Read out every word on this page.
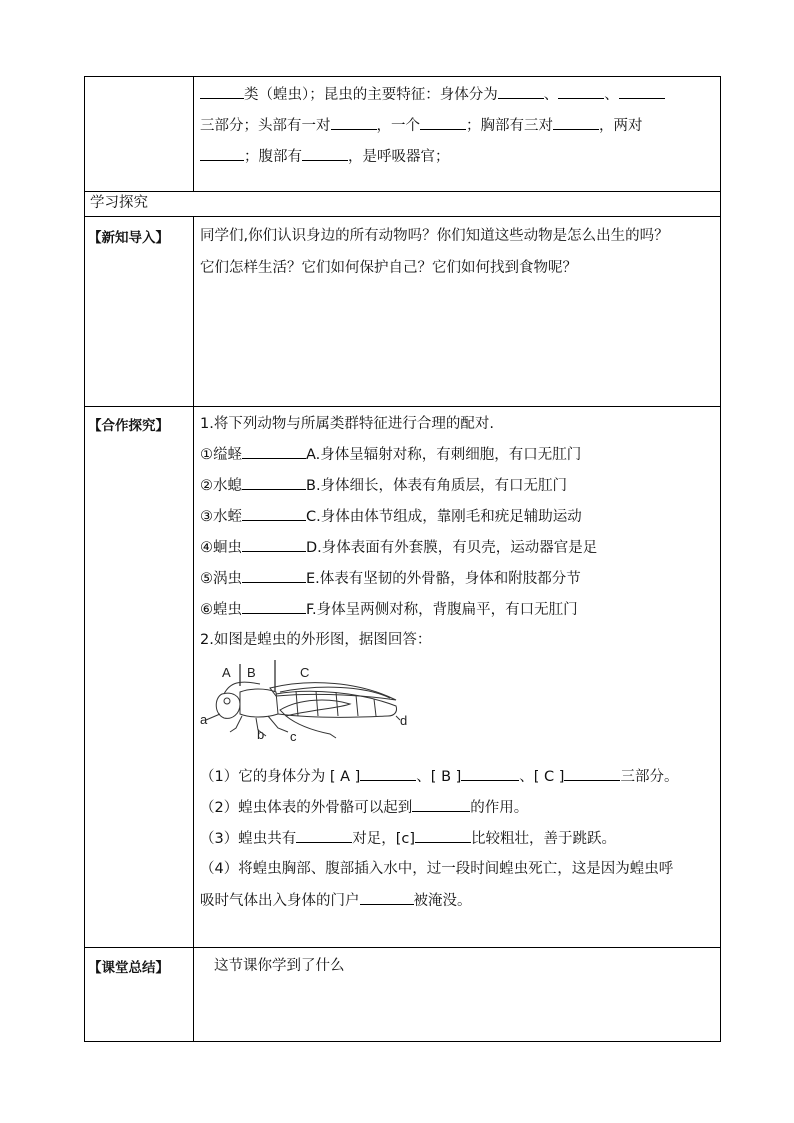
类（蝗虫）；昆虫的主要特征：身体分为	、	、
三部分；头部有一对	，一个	；胸部有三对	，两对
；腹部有	，是呼吸器官；
学习探究
【新知导入】 同学们,你们认识身边的所有动物吗？你们知道这些动物是怎么出生的吗？
它们怎样生活？它们如何保护自己？它们如何找到食物呢？
【合作探究】 1.将下列动物与所属类群特征进行合理的配对.
①缢蛏	A.身体呈辐射对称，有刺细胞，有口无肛门
②水螅	B.身体细长，体表有角质层，有口无肛门
③水蛭	C.身体由体节组成，靠刚毛和疣足辅助运动
④蛔虫	D.身体表面有外套膜，有贝壳，运动器官是足
⑤涡虫	E.体表有坚韧的外骨骼，身体和附肢都分节
⑥蝗虫	F.身体呈两侧对称，背腹扁平，有口无肛门
2.如图是蝗虫的外形图，据图回答：
A B	C
a
b c
d
（1）它的身体分为 [ A ]	、[ B ]	、[ C ]	三部分。
（2）蝗虫体表的外骨骼可以起到	的作用。
（3）蝗虫共有	对足，[c]	比较粗壮，善于跳跃。
（4）将蝗虫胸部、腹部插入水中，过一段时间蝗虫死亡，这是因为蝗虫呼
吸时气体出入身体的门户	被淹没。
【课堂总结】	这节课你学到了什么
